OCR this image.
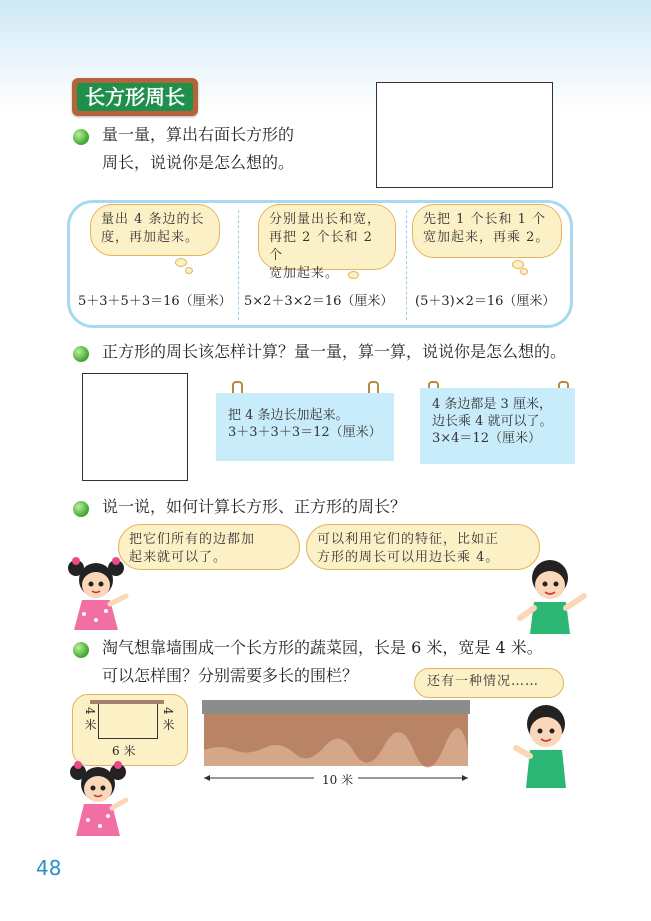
长方形周长
量一量，算出右面长方形的
周长，说说你是怎么想的。
量出 4 条边的长
度，再加起来。
5＋3＋5＋3＝16（厘米）
分别量出长和宽，
再把 2 个长和 2 个
宽加起来。
5×2＋3×2＝16（厘米）
先把 1 个长和 1 个
宽加起来，再乘 2。
(5＋3)×2＝16（厘米）
正方形的周长该怎样计算？量一量，算一算，说说你是怎么想的。
把 4 条边长加起来。
3＋3＋3＋3＝12（厘米）
4 条边都是 3 厘米，
边长乘 4 就可以了。
3×4＝12（厘米）
说一说，如何计算长方形、正方形的周长？
把它们所有的边都加
起来就可以了。
可以利用它们的特征，比如正
方形的周长可以用边长乘 4。
淘气想靠墙围成一个长方形的蔬菜园，长是 6 米，宽是 4 米。
可以怎样围？分别需要多长的围栏？	还有一种情况……
4 米	4 米
6 米
10 米
48
